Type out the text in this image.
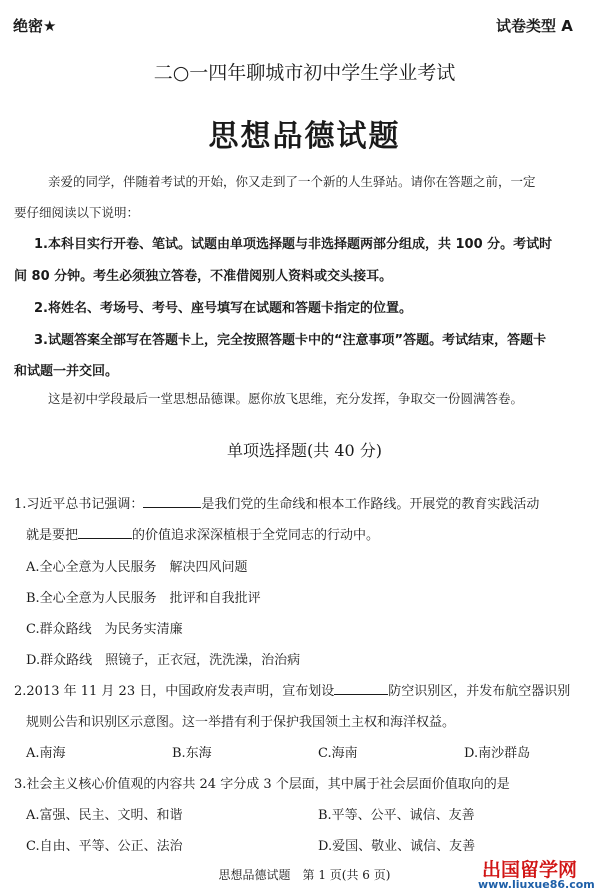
绝密★	试卷类型 A
二○一四年聊城市初中学生学业考试
思想品德试题
亲爱的同学，伴随着考试的开始，你又走到了一个新的人生驿站。请你在答题之前，一定
要仔细阅读以下说明：
1.本科目实行开卷、笔试。试题由单项选择题与非选择题两部分组成，共 100 分。考试时
间 80 分钟。考生必须独立答卷，不准借阅别人资料或交头接耳。
2.将姓名、考场号、考号、座号填写在试题和答题卡指定的位置。
3.试题答案全部写在答题卡上，完全按照答题卡中的“注意事项”答题。考试结束，答题卡
和试题一并交回。
这是初中学段最后一堂思想品德课。愿你放飞思维，充分发挥，争取交一份圆满答卷。
单项选择题(共 40 分)
1.习近平总书记强调：	是我们党的生命线和根本工作路线。开展党的教育实践活动
就是要把	的价值追求深深植根于全党同志的行动中。
A.全心全意为人民服务　解决四风问题
B.全心全意为人民服务　批评和自我批评
C.群众路线　为民务实清廉
D.群众路线　照镜子，正衣冠，洗洗澡，治治病
2.2013 年 11 月 23 日，中国政府发表声明，宣布划设	防空识别区，并发布航空器识别
规则公告和识别区示意图。这一举措有利于保护我国领土主权和海洋权益。
A.南海	B.东海	C.海南	D.南沙群岛
3.社会主义核心价值观的内容共 24 字分成 3 个层面，其中属于社会层面价值取向的是
A.富强、民主、文明、和谐	B.平等、公平、诚信、友善
C.自由、平等、公正、法治	D.爱国、敬业、诚信、友善
思想品德试题　第 1 页(共 6 页)	出国留学网
www.liuxue86.com
